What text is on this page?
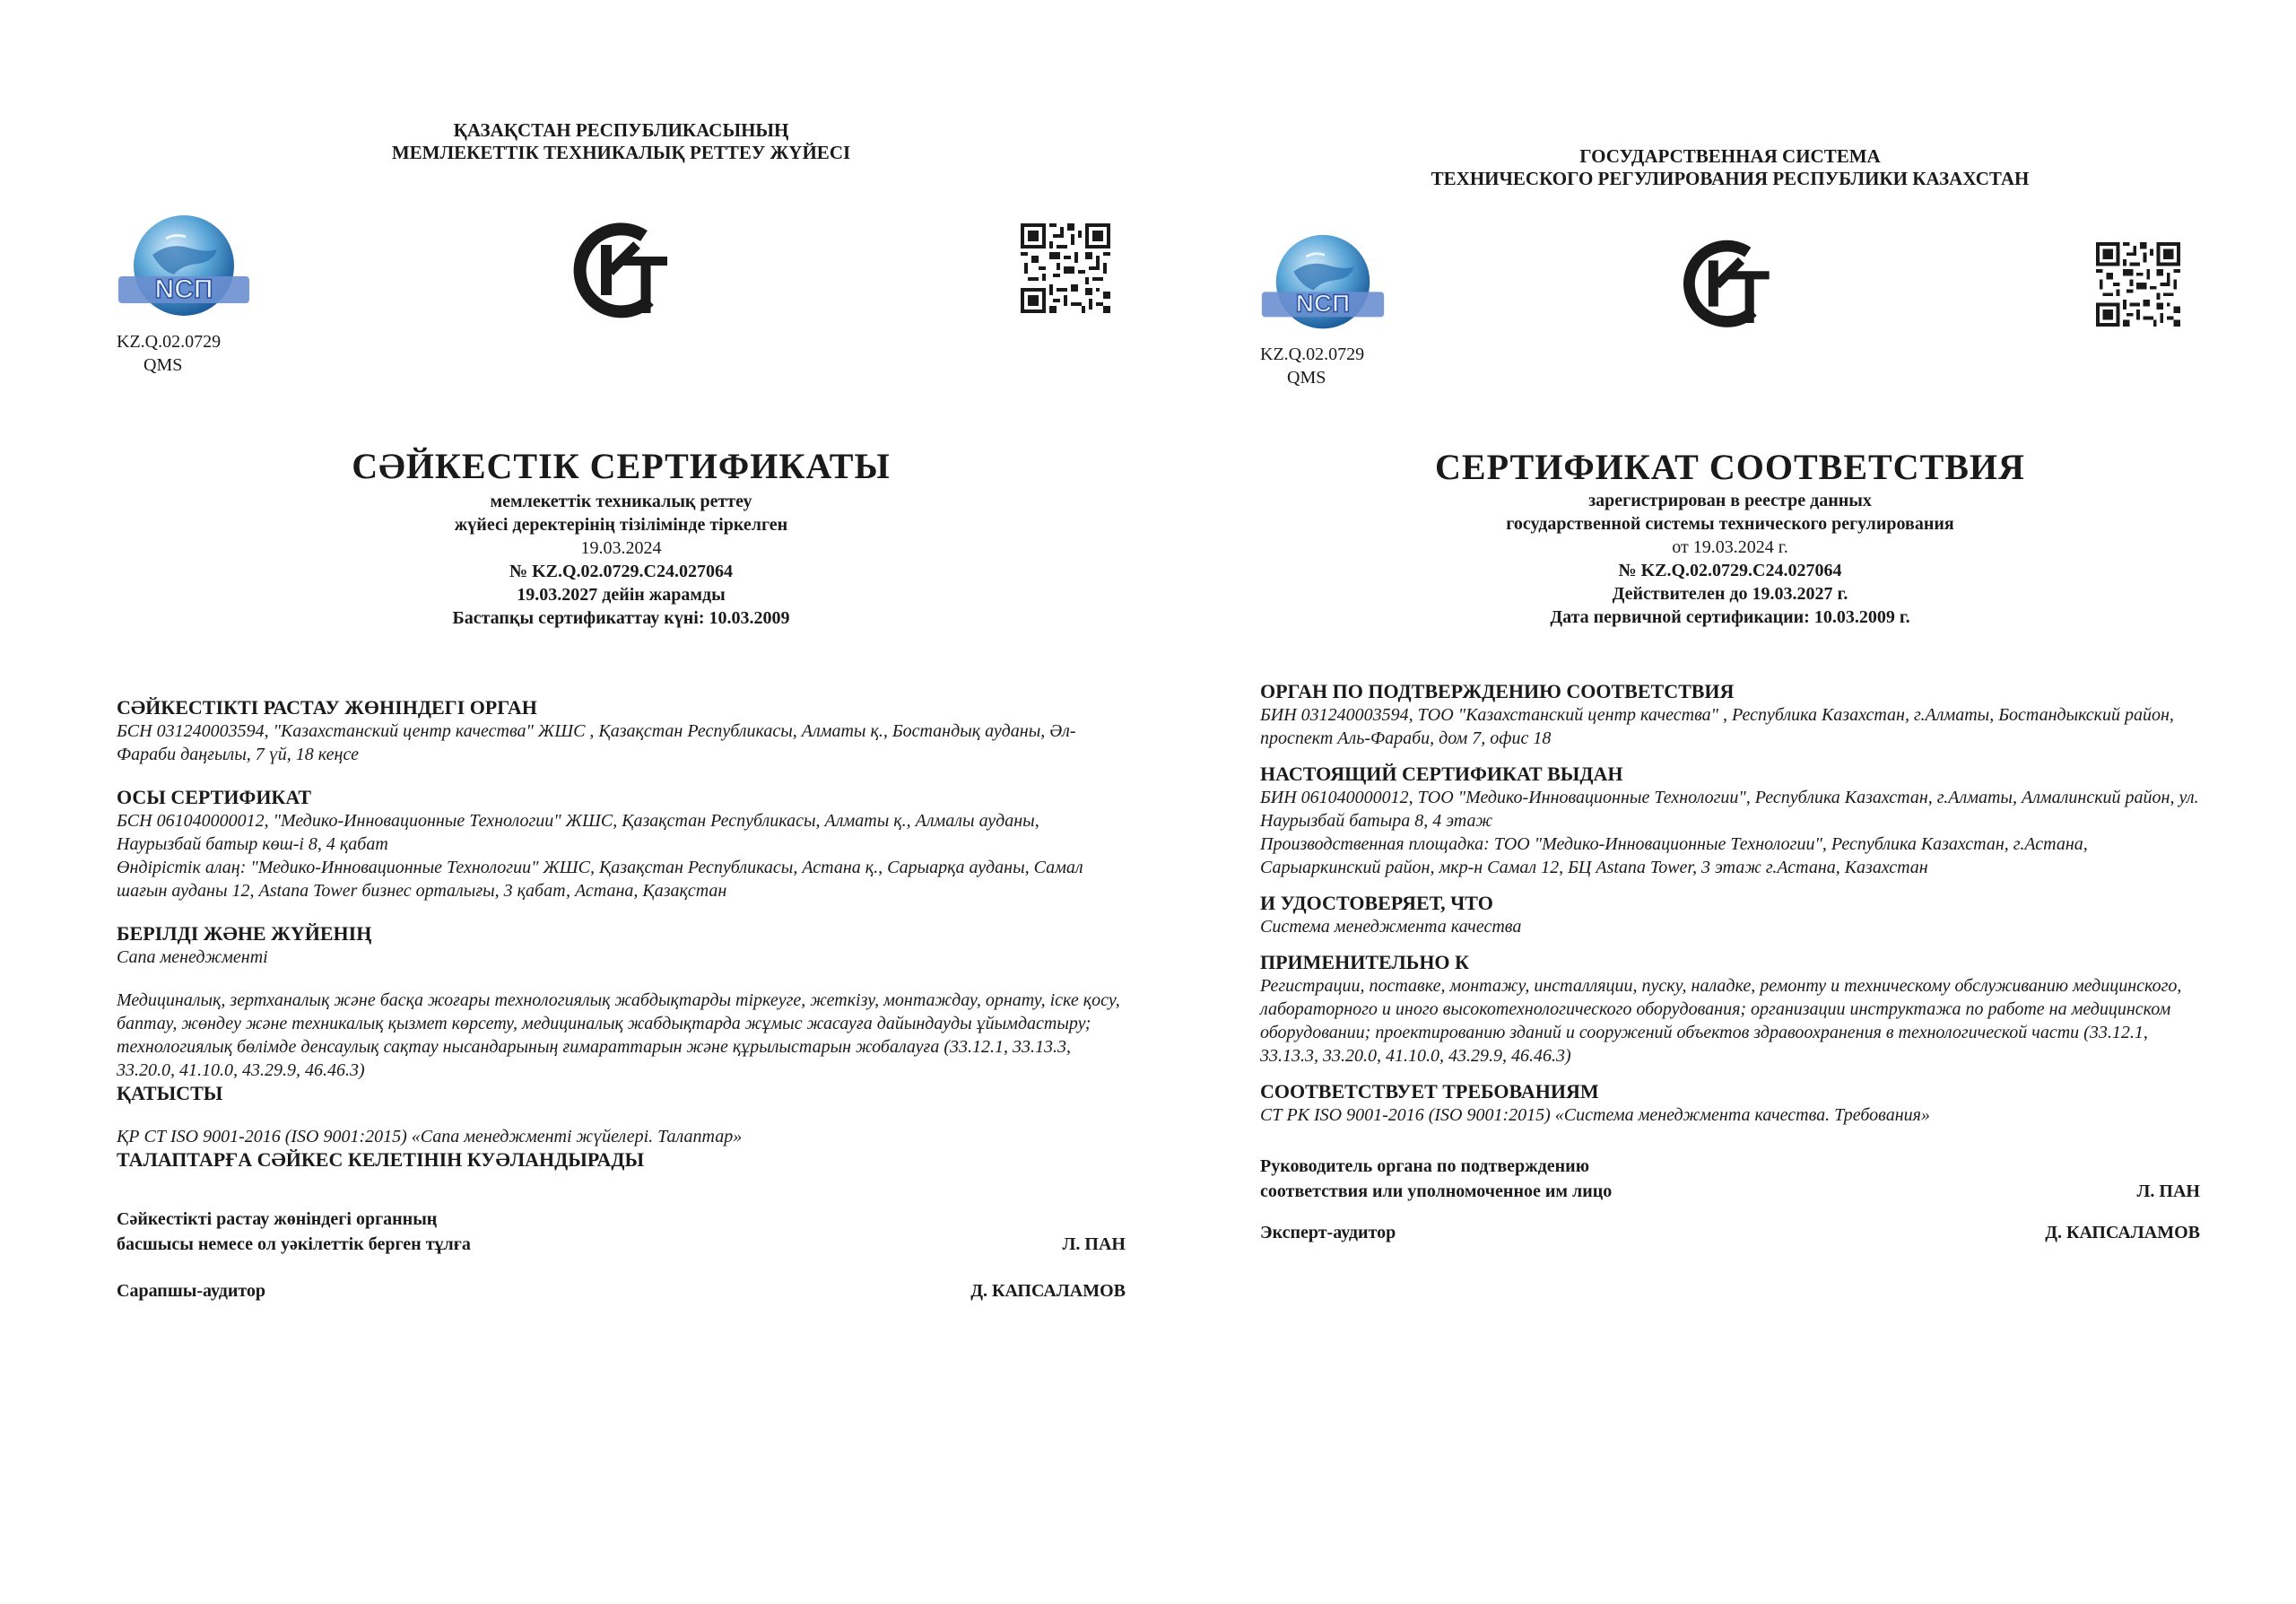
ҚАЗАҚСТАН РЕСПУБЛИКАСЫНЫҢ
МЕМЛЕКЕТТІК ТЕХНИКАЛЫҚ РЕТТЕУ ЖҮЙЕСІ
NCП
KZ.Q.02.0729
QMS
СӘЙКЕСТІК СЕРТИФИКАТЫ
мемлекеттік техникалық реттеу
жүйесі деректерінің тізілімінде тіркелген
19.03.2024
№ KZ.Q.02.0729.C24.027064
19.03.2027 дейін жарамды
Бастапқы сертификаттау күні: 10.03.2009
СӘЙКЕСТІКТІ РАСТАУ ЖӨНІНДЕГІ ОРГАН
БСН 031240003594, "Казахстанский центр качества" ЖШС , Қазақстан Республикасы, Алматы қ., Бостандық ауданы, Әл-Фараби даңғылы, 7 үй, 18 кеңсе
ОСЫ СЕРТИФИКАТ
БСН 061040000012, "Медико-Инновационные Технологии" ЖШС, Қазақстан Республикасы, Алматы қ., Алмалы ауданы, Наурызбай батыр көш-і 8, 4 қабат
Өндірістік алаң: "Медико-Инновационные Технологии" ЖШС, Қазақстан Республикасы, Астана қ., Сарыарқа ауданы, Самал шағын ауданы 12, Astana Tower бизнес орталығы, 3 қабат, Астана, Қазақстан
БЕРІЛДІ ЖӘНЕ ЖҮЙЕНІҢ
Сапа менеджменті
Медициналық, зертханалық және басқа жоғары технологиялық жабдықтарды тіркеуге, жеткізу, монтаждау, орнату, іске қосу, баптау, жөндеу және техникалық қызмет көрсету, медициналық жабдықтарда жұмыс жасауға дайындауды ұйымдастыру; технологиялық бөлімде денсаулық сақтау нысандарының ғимараттарын және құрылыстарын жобалауға (33.12.1, 33.13.3, 33.20.0, 41.10.0, 43.29.9, 46.46.3)
ҚАТЫСТЫ
ҚР СТ ISO 9001-2016 (ISO 9001:2015) «Сапа менеджменті жүйелері. Талаптар»
ТАЛАПТАРҒА СӘЙКЕС КЕЛЕТІНІН КУӘЛАНДЫРАДЫ
Сәйкестікті растау жөніндегі органның
басшысы немесе ол уәкілеттік берген тұлға	Л. ПАН
Сарапшы-аудитор	Д. КАПСАЛАМОВ
ГОСУДАРСТВЕННАЯ СИСТЕМА
ТЕХНИЧЕСКОГО РЕГУЛИРОВАНИЯ РЕСПУБЛИКИ КАЗАХСТАН
NCП
KZ.Q.02.0729
QMS
СЕРТИФИКАТ СООТВЕТСТВИЯ
зарегистрирован в реестре данных
государственной системы технического регулирования
от 19.03.2024 г.
№ KZ.Q.02.0729.C24.027064
Действителен до 19.03.2027 г.
Дата первичной сертификации: 10.03.2009 г.
ОРГАН ПО ПОДТВЕРЖДЕНИЮ СООТВЕТСТВИЯ
БИН 031240003594, ТОО "Казахстанский центр качества" , Республика Казахстан, г.Алматы, Бостандыкский район, проспект Аль-Фараби, дом 7, офис 18
НАСТОЯЩИЙ СЕРТИФИКАТ ВЫДАН
БИН 061040000012, ТОО "Медико-Инновационные Технологии", Республика Казахстан, г.Алматы, Алмалинский район, ул. Наурызбай батыра 8, 4 этаж
Производственная площадка: ТОО "Медико-Инновационные Технологии", Республика Казахстан, г.Астана, Сарыаркинский район, мкр-н Самал 12, БЦ Astana Tower, 3 этаж г.Астана, Казахстан
И УДОСТОВЕРЯЕТ, ЧТО
Система менеджмента качества
ПРИМЕНИТЕЛЬНО К
Регистрации, поставке, монтажу, инсталляции, пуску, наладке, ремонту и техническому обслуживанию медицинского, лабораторного и иного высокотехнологического оборудования; организации инструктажа по работе на медицинском оборудовании; проектированию зданий и сооружений объектов здравоохранения в технологической части (33.12.1, 33.13.3, 33.20.0, 41.10.0, 43.29.9, 46.46.3)
СООТВЕТСТВУЕТ ТРЕБОВАНИЯМ
СТ РК ISO 9001-2016 (ISO 9001:2015) «Система менеджмента качества. Требования»
Руководитель органа по подтверждению
соответствия или уполномоченное им лицо	Л. ПАН
Эксперт-аудитор	Д. КАПСАЛАМОВ
